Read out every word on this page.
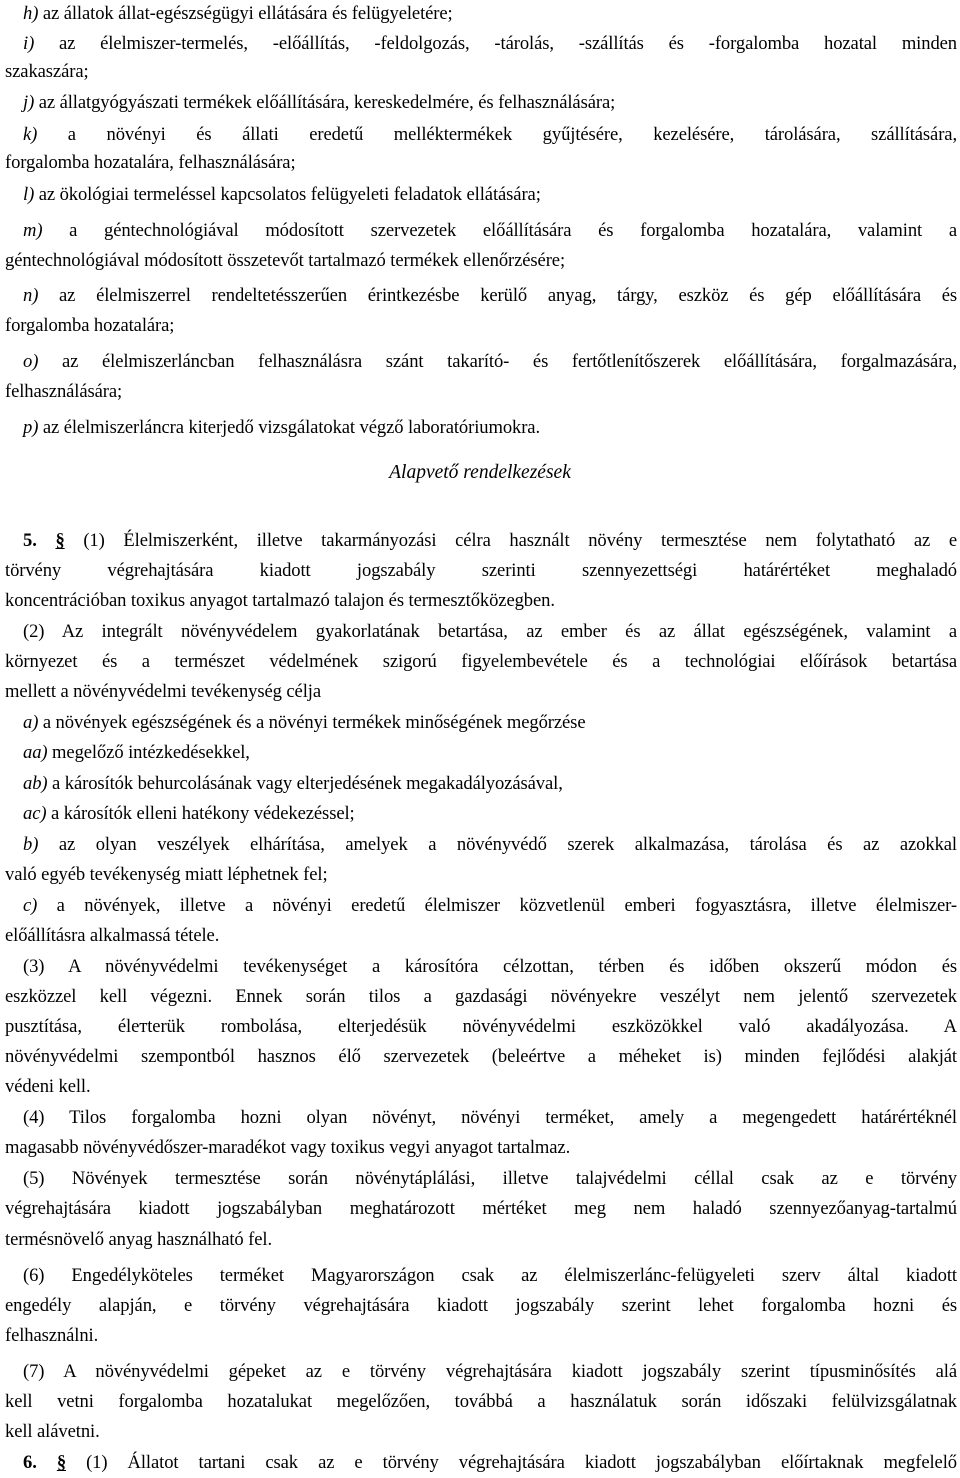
Alapvető rendelkezések
h) az állatok állat-egészségügyi ellátására és felügyeletére;
i) az élelmiszer-termelés, -előállítás, -feldolgozás, -tárolás, -szállítás és -forgalomba hozatal minden
szakaszára;
j) az állatgyógyászati termékek előállítására, kereskedelmére, és felhasználására;
k) a növényi és állati eredetű melléktermékek gyűjtésére, kezelésére, tárolására, szállítására,
forgalomba hozatalára, felhasználására;
l) az ökológiai termeléssel kapcsolatos felügyeleti feladatok ellátására;
m) a géntechnológiával módosított szervezetek előállítására és forgalomba hozatalára, valamint a
géntechnológiával módosított összetevőt tartalmazó termékek ellenőrzésére;
n) az élelmiszerrel rendeltetésszerűen érintkezésbe kerülő anyag, tárgy, eszköz és gép előállítására és
forgalomba hozatalára;
o) az élelmiszerláncban felhasználásra szánt takarító- és fertőtlenítőszerek előállítására, forgalmazására,
felhasználására;
p) az élelmiszerláncra kiterjedő vizsgálatokat végző laboratóriumokra.
5. § (1) Élelmiszerként, illetve takarmányozási célra használt növény termesztése nem folytatható az e
törvény végrehajtására kiadott jogszabály szerinti szennyezettségi határértéket meghaladó
koncentrációban toxikus anyagot tartalmazó talajon és termesztőközegben.
(2) Az integrált növényvédelem gyakorlatának betartása, az ember és az állat egészségének, valamint a
környezet és a természet védelmének szigorú figyelembevétele és a technológiai előírások betartása
mellett a növényvédelmi tevékenység célja
a) a növények egészségének és a növényi termékek minőségének megőrzése
aa) megelőző intézkedésekkel,
ab) a károsítók behurcolásának vagy elterjedésének megakadályozásával,
ac) a károsítók elleni hatékony védekezéssel;
b) az olyan veszélyek elhárítása, amelyek a növényvédő szerek alkalmazása, tárolása és az azokkal
való egyéb tevékenység miatt léphetnek fel;
c) a növények, illetve a növényi eredetű élelmiszer közvetlenül emberi fogyasztásra, illetve élelmiszer-
előállításra alkalmassá tétele.
(3) A növényvédelmi tevékenységet a károsítóra célzottan, térben és időben okszerű módon és
eszközzel kell végezni. Ennek során tilos a gazdasági növényekre veszélyt nem jelentő szervezetek
pusztítása, élетterük rombolása, elterjedésük növényvédelmi eszközökkel való akadályozása. A
növényvédelmi szempontból hasznos élő szervezetek (beleértve a méheket is) minden fejlődési alakját
védeni kell.
(4) Tilos forgalomba hozni olyan növényt, növényi terméket, amely a megengedett határértéknél
magasabb növényvédőszer-maradékot vagy toxikus vegyi anyagot tartalmaz.
(5) Növények termesztése során növénytáplálási, illetve talajvédelmi céllal csak az e törvény
végrehajtására kiadott jogszabályban meghatározott mértéket meg nem haladó szennyezőanyag-tartalmú
termésnövelő anyag használható fel.
(6) Engedélyköteles terméket Magyarországon csak az élelmiszerlánc-felügyeleti szerv által kiadott
engedély alapján, e törvény végrehajtására kiadott jogszabály szerint lehet forgalomba hozni és
felhasználni.
(7) A növényvédelmi gépeket az e törvény végrehajtására kiadott jogszabály szerint típusminősítés alá
kell vetni forgalomba hozatalukat megelőzően, továbbá a használatuk során időszaki felülvizsgálatnak
kell alávetni.
6. § (1) Állatot tartani csak az e törvény végrehajtására kiadott jogszabályban előírtaknak megfelelő
